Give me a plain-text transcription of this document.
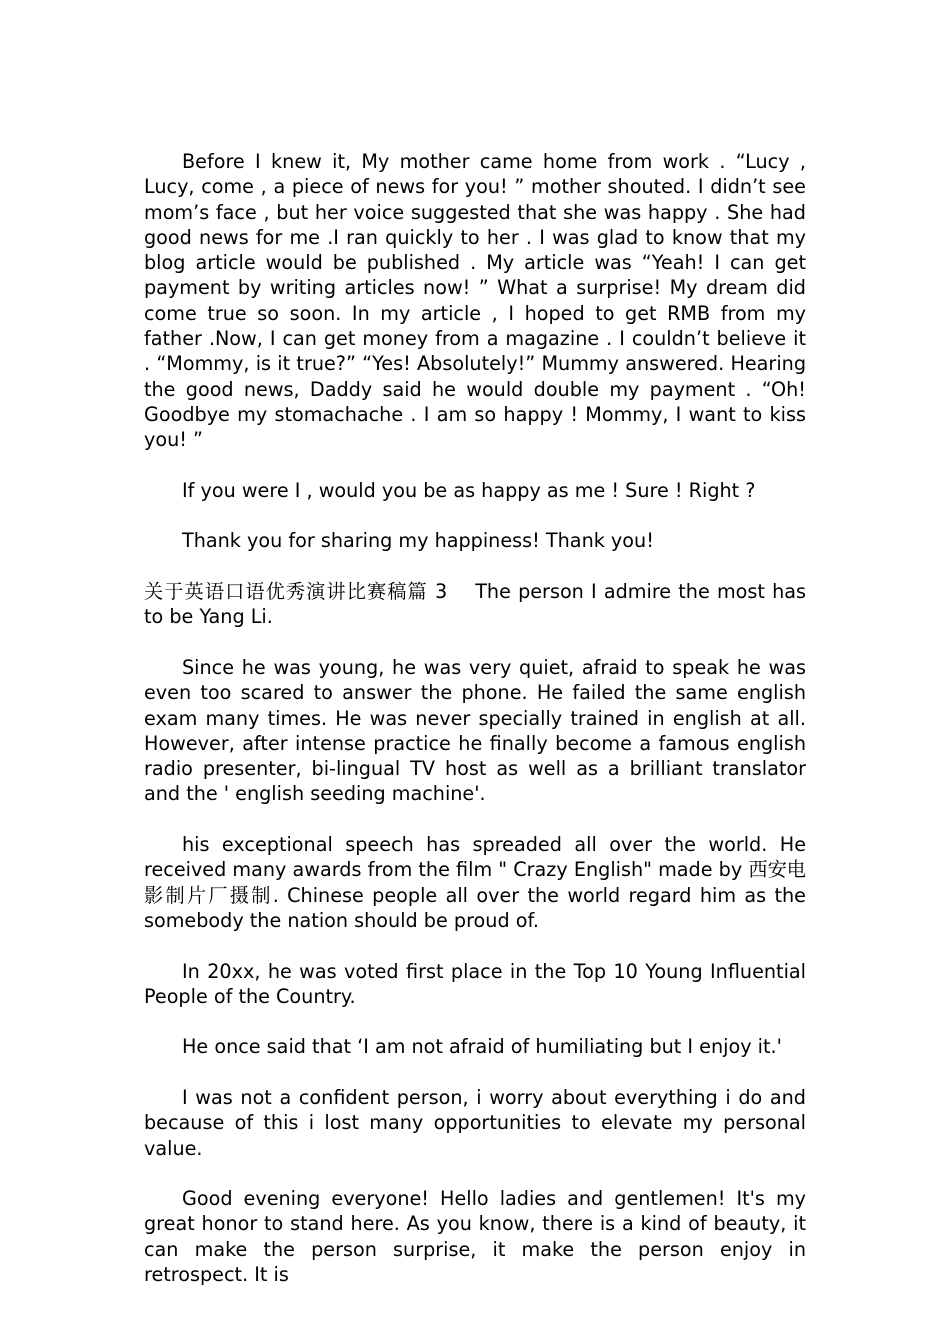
Before I knew it, My mother came home from work . “Lucy , Lucy, come , a piece of news for you! ” mother shouted. I didn’t see mom’s face , but her voice suggested that she was happy . She had good news for me .I ran quickly to her . I was glad to know that my blog article would be published . My article was “Yeah! I can get payment by writing articles now! ” What a surprise! My dream did come true so soon. In my article , I hoped to get RMB from my father .Now, I can get money from a magazine . I couldn’t believe it . “Mommy, is it true?” “Yes! Absolutely!” Mummy answered. Hearing the good news, Daddy said he would double my payment . “Oh! Goodbye my stomachache . I am so happy ! Mommy, I want to kiss you! ”

If you were I , would you be as happy as me ! Sure ! Right ?

Thank you for sharing my happiness! Thank you!

关于英语口语优秀演讲比赛稿篇 3 The person I admire the most has to be Yang Li.

Since he was young, he was very quiet, afraid to speak he was even too scared to answer the phone. He failed the same english exam many times. He was never specially trained in english at all. However, after intense practice he finally become a famous english radio presenter, bi-lingual TV host as well as a brilliant translator and the ' english seeding machine'.

his exceptional speech has spreaded all over the world. He received many awards from the film " Crazy English" made by 西安电影制片厂摄制. Chinese people all over the world regard him as the somebody the nation should be proud of.

In 20xx, he was voted first place in the Top 10 Young Influential People of the Country.

He once said that ‘I am not afraid of humiliating but I enjoy it.'

I was not a confident person, i worry about everything i do and because of this i lost many opportunities to elevate my personal value.

Good evening everyone! Hello ladies and gentlemen! It's my great honor to stand here. As you know, there is a kind of beauty, it can make the person surprise, it make the person enjoy in retrospect. It is
